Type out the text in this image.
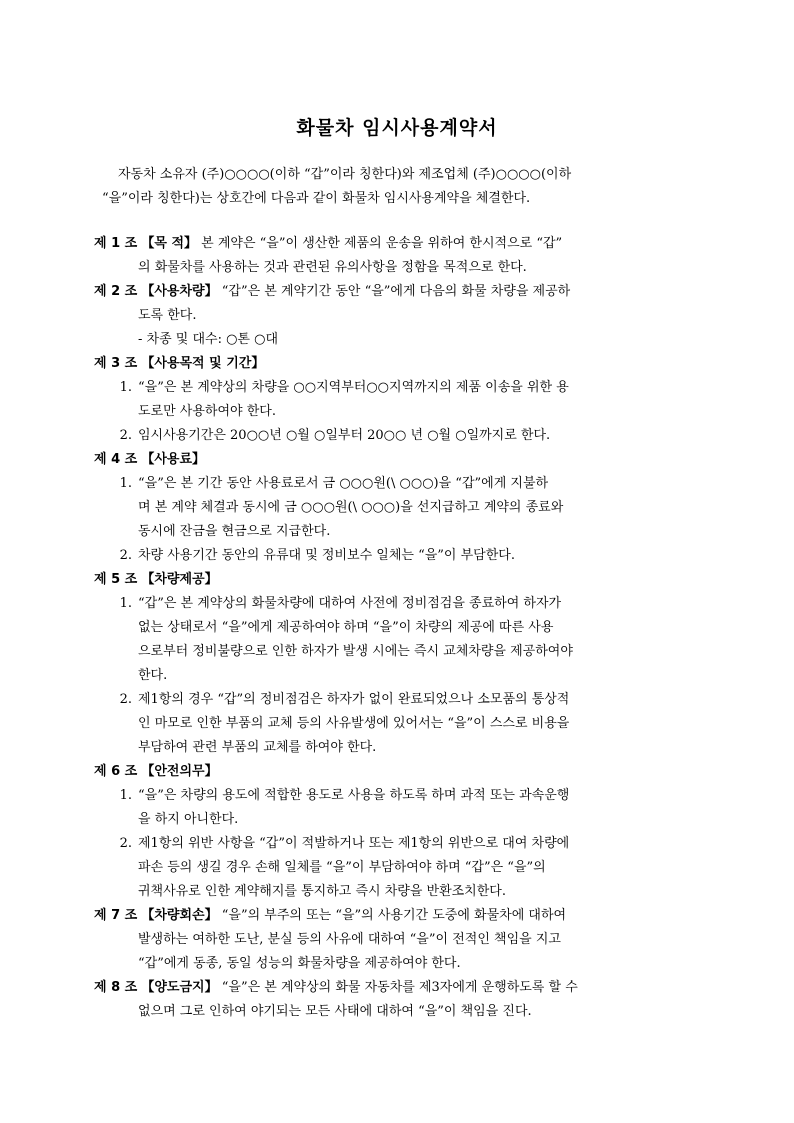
화물차 임시사용계약서
자동차 소유자 (주)○○○○(이하 “갑”이라 칭한다)와 제조업체 (주)○○○○(이하
“을”이라 칭한다)는 상호간에 다음과 같이 화물차 임시사용계약을 체결한다.
제 1 조 【목 적】 본 계약은 “을”이 생산한 제품의 운송을 위하여 한시적으로 “갑”
의 화물차를 사용하는 것과 관련된 유의사항을 정함을 목적으로 한다.
제 2 조 【사용차량】 “갑”은 본 계약기간 동안 “을”에게 다음의 화물 차량을 제공하
도록 한다.
- 차종 및 대수: ○톤 ○대
제 3 조 【사용목적 및 기간】
1. “을”은 본 계약상의 차량을 ○○지역부터○○지역까지의 제품 이송을 위한 용
도로만 사용하여야 한다.
2. 임시사용기간은 20○○년 ○월 ○일부터 20○○ 년 ○월 ○일까지로 한다.
제 4 조 【사용료】
1. “을”은 본 기간 동안 사용료로서 금 ○○○원(\ ○○○)을 “갑”에게 지불하
며 본 계약 체결과 동시에 금 ○○○원(\ ○○○)을 선지급하고 계약의 종료와
동시에 잔금을 현금으로 지급한다.
2. 차량 사용기간 동안의 유류대 및 정비보수 일체는 “을”이 부담한다.
제 5 조 【차량제공】
1. “갑”은 본 계약상의 화물차량에 대하여 사전에 정비점검을 종료하여 하자가
없는 상태로서 “을”에게 제공하여야 하며 “을”이 차량의 제공에 따른 사용
으로부터 정비불량으로 인한 하자가 발생 시에는 즉시 교체차량을 제공하여야
한다.
2. 제1항의 경우 “갑”의 정비점검은 하자가 없이 완료되었으나 소모품의 통상적
인 마모로 인한 부품의 교체 등의 사유발생에 있어서는 “을”이 스스로 비용을
부담하여 관련 부품의 교체를 하여야 한다.
제 6 조 【안전의무】
1. “을”은 차량의 용도에 적합한 용도로 사용을 하도록 하며 과적 또는 과속운행
을 하지 아니한다.
2. 제1항의 위반 사항을 “갑”이 적발하거나 또는 제1항의 위반으로 대여 차량에
파손 등의 생길 경우 손해 일체를 “을”이 부담하여야 하며 “갑”은 “을”의
귀책사유로 인한 계약해지를 통지하고 즉시 차량을 반환조치한다.
제 7 조 【차량회손】 “을”의 부주의 또는 “을”의 사용기간 도중에 화물차에 대하여
발생하는 여하한 도난, 분실 등의 사유에 대하여 “을”이 전적인 책임을 지고
“갑”에게 동종, 동일 성능의 화물차량을 제공하여야 한다.
제 8 조 【양도금지】 “을”은 본 계약상의 화물 자동차를 제3자에게 운행하도록 할 수
없으며 그로 인하여 야기되는 모든 사태에 대하여 “을”이 책임을 진다.
